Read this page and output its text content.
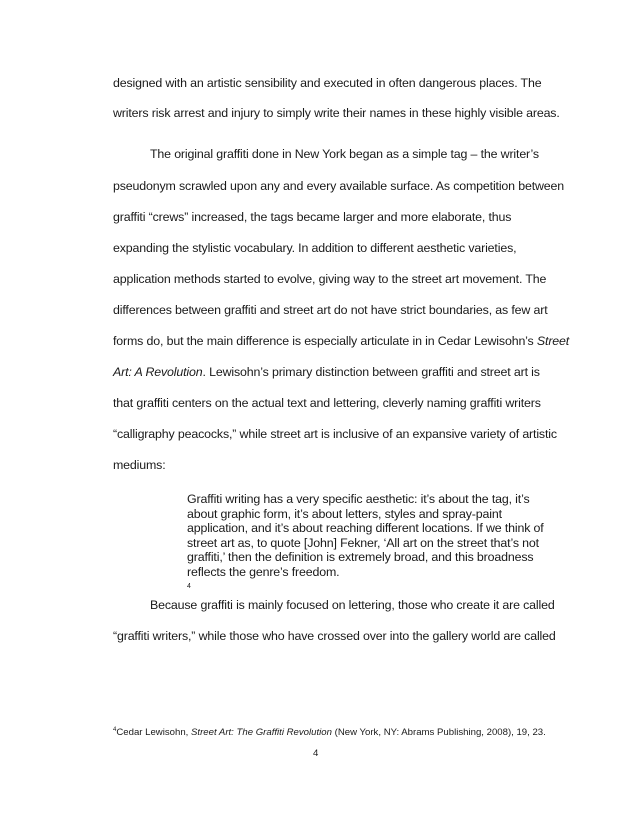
designed with an artistic sensibility and executed in often dangerous places. The
writers risk arrest and injury to simply write their names in these highly visible areas.
The original graffiti done in New York began as a simple tag – the writer’s
pseudonym scrawled upon any and every available surface. As competition between
graffiti “crews” increased, the tags became larger and more elaborate, thus
expanding the stylistic vocabulary. In addition to different aesthetic varieties,
application methods started to evolve, giving way to the street art movement. The
differences between graffiti and street art do not have strict boundaries, as few art
forms do, but the main difference is especially articulate in in Cedar Lewisohn’s Street
Art: A Revolution. Lewisohn’s primary distinction between graffiti and street art is
that graffiti centers on the actual text and lettering, cleverly naming graffiti writers
“calligraphy peacocks,” while street art is inclusive of an expansive variety of artistic
mediums:
Graffiti writing has a very specific aesthetic: it’s about the tag, it’s
about graphic form, it’s about letters, styles and spray-paint
application, and it’s about reaching different locations. If we think of
street art as, to quote [John] Fekner, ‘All art on the street that’s not
graffiti,’ then the definition is extremely broad, and this broadness
reflects the genre’s freedom.
$^4$
Because graffiti is mainly focused on lettering, those who create it are called
“graffiti writers,” while those who have crossed over into the gallery world are called
$^4$Cedar Lewisohn, Street Art: The Graffiti Revolution (New York, NY: Abrams Publishing, 2008), 19, 23.
4
